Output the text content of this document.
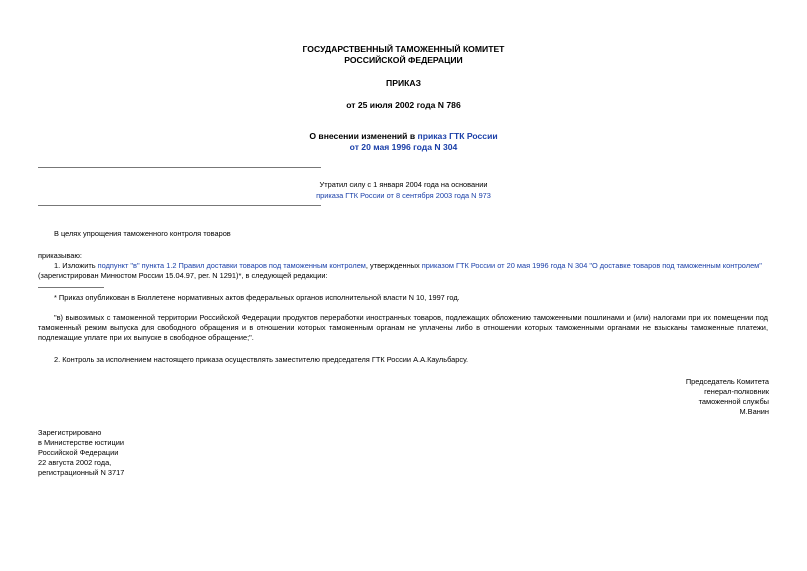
ГОСУДАРСТВЕННЫЙ ТАМОЖЕННЫЙ КОМИТЕТ
РОССИЙСКОЙ ФЕДЕРАЦИИ
ПРИКАЗ
от 25 июля 2002 года N 786
О внесении изменений в приказ ГТК России
от 20 мая 1996 года N 304
Утратил силу с 1 января 2004 года на основании
приказа ГТК России от 8 сентября 2003 года N 973
В целях упрощения таможенного контроля товаров
приказываю:
1. Изложить подпункт "в" пункта 1.2 Правил доставки товаров под таможенным контролем, утвержденных приказом ГТК России от 20 мая 1996 года N 304 "О доставке товаров под таможенным контролем"
(зарегистрирован Минюстом России 15.04.97, рег. N 1291)*, в следующей редакции:
* Приказ опубликован в Бюллетене нормативных актов федеральных органов исполнительной власти N 10, 1997 год.
"в) вывозимых с таможенной территории Российской Федерации продуктов переработки иностранных товаров, подлежащих обложению таможенными пошлинами и (или) налогами при их помещении под таможенный режим выпуска для свободного обращения и в отношении которых таможенным органам не уплачены либо в отношении которых таможенными органами не взысканы таможенные платежи, подлежащие уплате при их выпуске в свободное обращение;".
2. Контроль за исполнением настоящего приказа осуществлять заместителю председателя ГТК России А.А.Каульбарсу.
Председатель Комитета
генерал-полковник
таможенной службы
М.Ванин
Зарегистрировано
в Министерстве юстиции
Российской Федерации
22 августа 2002 года,
регистрационный N 3717
